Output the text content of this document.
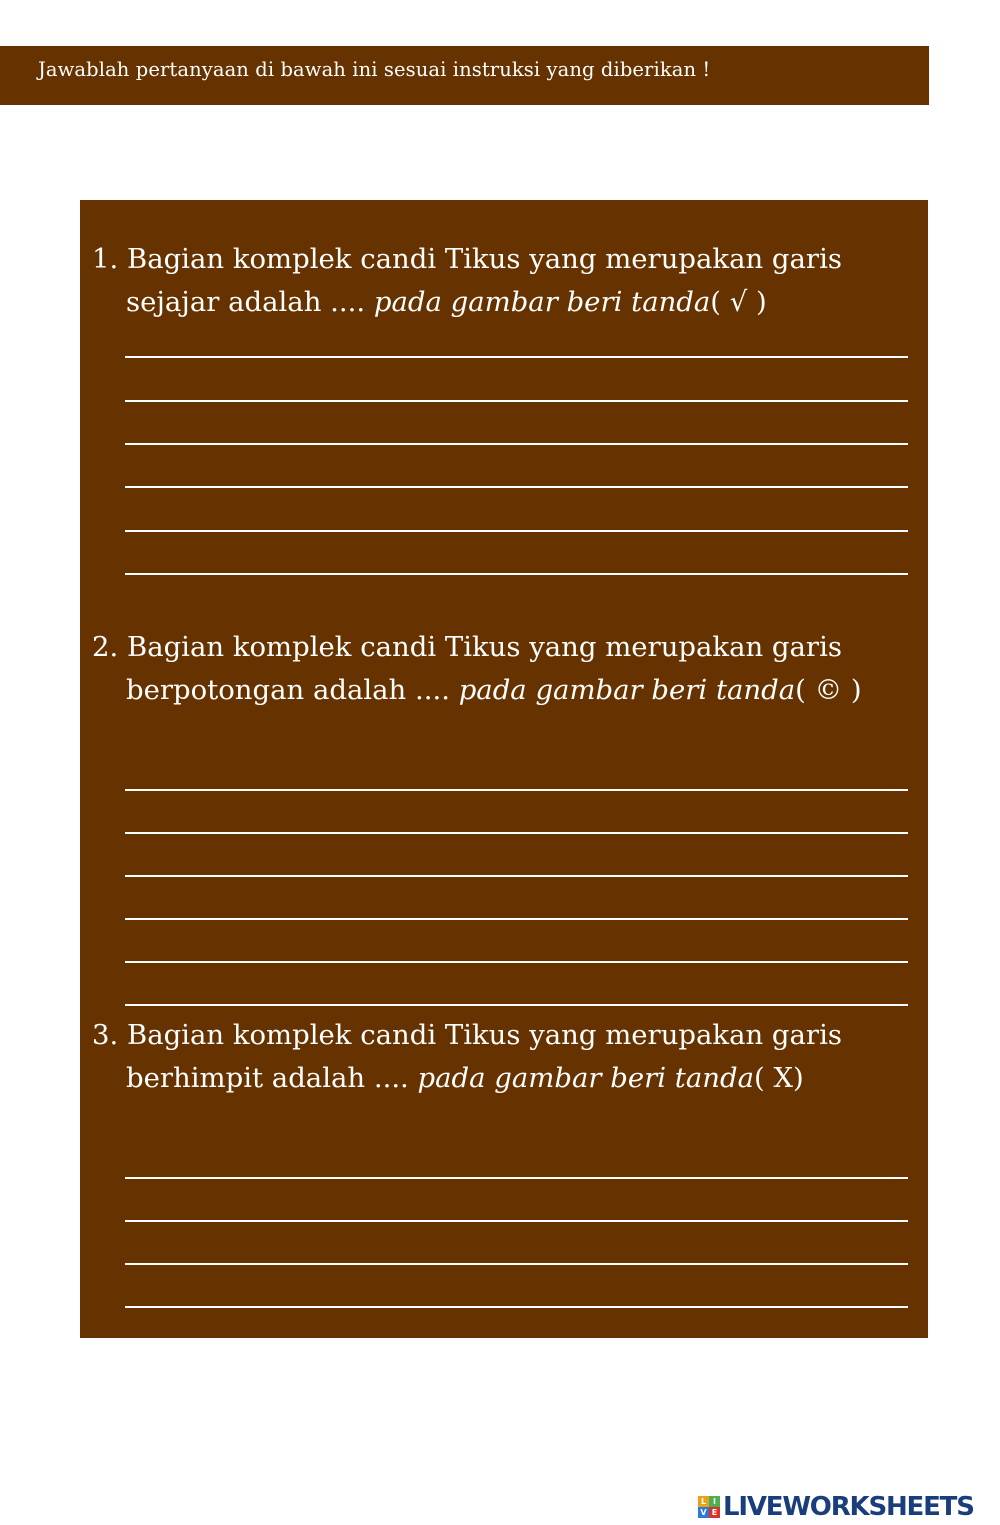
Jawablah pertanyaan di bawah ini sesuai instruksi yang diberikan !
1. Bagian komplek candi Tikus yang merupakan garis
sejajar adalah .... pada gambar beri tanda( √ )
2. Bagian komplek candi Tikus yang merupakan garis
berpotongan adalah .... pada gambar beri tanda( © )
3. Bagian komplek candi Tikus yang merupakan garis
berhimpit adalah .... pada gambar beri tanda( X)
L I
V E LIVEWORKSHEETS
